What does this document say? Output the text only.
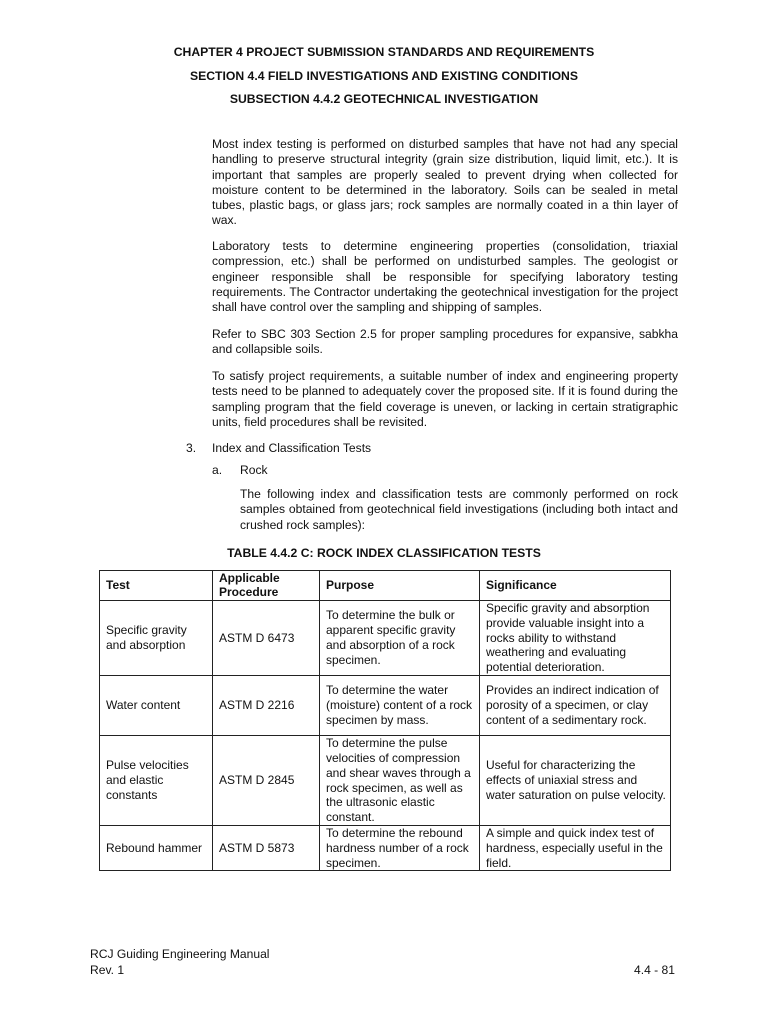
CHAPTER 4 PROJECT SUBMISSION STANDARDS AND REQUIREMENTS
SECTION 4.4 FIELD INVESTIGATIONS AND EXISTING CONDITIONS
SUBSECTION 4.4.2 GEOTECHNICAL INVESTIGATION

Most index testing is performed on disturbed samples that have not had any special handling to preserve structural integrity (grain size distribution, liquid limit, etc.). It is important that samples are properly sealed to prevent drying when collected for moisture content to be determined in the laboratory. Soils can be sealed in metal tubes, plastic bags, or glass jars; rock samples are normally coated in a thin layer of wax.

Laboratory tests to determine engineering properties (consolidation, triaxial compression, etc.) shall be performed on undisturbed samples. The geologist or engineer responsible shall be responsible for specifying laboratory testing requirements. The Contractor undertaking the geotechnical investigation for the project shall have control over the sampling and shipping of samples.

Refer to SBC 303 Section 2.5 for proper sampling procedures for expansive, sabkha and collapsible soils.

To satisfy project requirements, a suitable number of index and engineering property tests need to be planned to adequately cover the proposed site. If it is found during the sampling program that the field coverage is uneven, or lacking in certain stratigraphic units, field procedures shall be revisited.

3. Index and Classification Tests
a. Rock

The following index and classification tests are commonly performed on rock samples obtained from geotechnical field investigations (including both intact and crushed rock samples):

TABLE 4.4.2 C: ROCK INDEX CLASSIFICATION TESTS
Test	Applicable Procedure	Purpose	Significance
Specific gravity and absorption	ASTM D 6473	To determine the bulk or apparent specific gravity and absorption of a rock specimen.	Specific gravity and absorption provide valuable insight into a rocks ability to withstand weathering and evaluating potential deterioration.
Water content	ASTM D 2216	To determine the water (moisture) content of a rock specimen by mass.	Provides an indirect indication of porosity of a specimen, or clay content of a sedimentary rock.
Pulse velocities and elastic constants	ASTM D 2845	To determine the pulse velocities of compression and shear waves through a rock specimen, as well as the ultrasonic elastic constant.	Useful for characterizing the effects of uniaxial stress and water saturation on pulse velocity.
Rebound hammer	ASTM D 5873	To determine the rebound hardness number of a rock specimen.	A simple and quick index test of hardness, especially useful in the field.
RCJ Guiding Engineering Manual
Rev. 1	4.4 - 81
